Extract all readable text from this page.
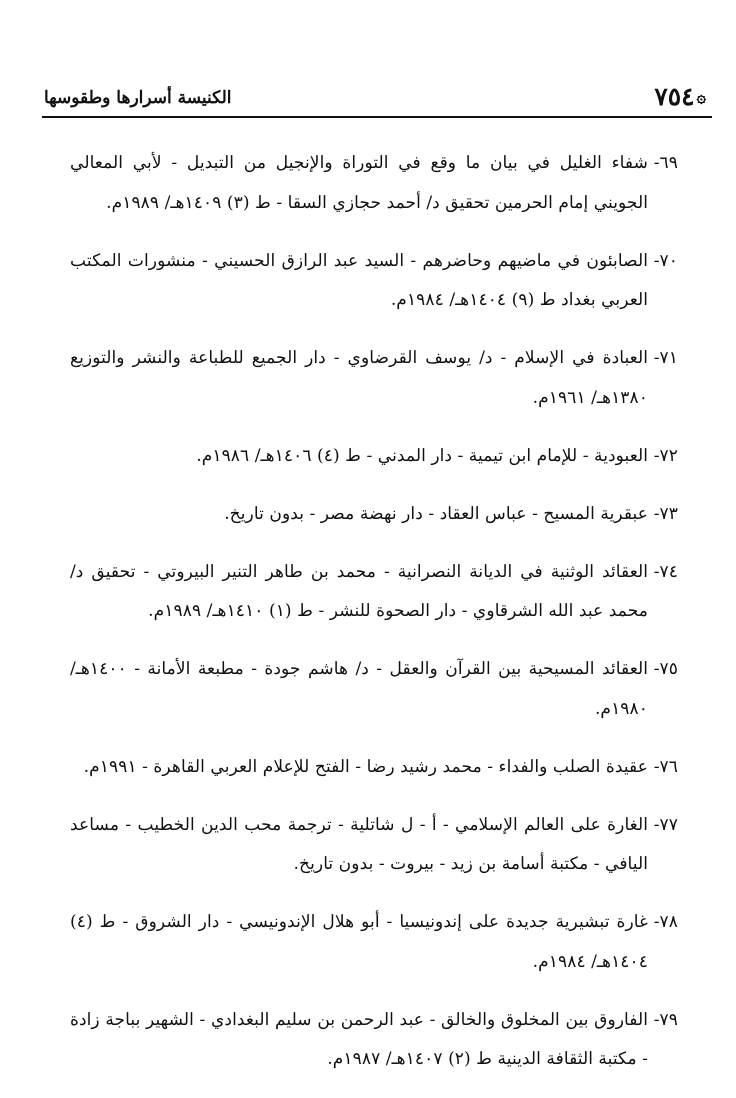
۞٧٥٤
الكنيسة أسرارها وطقوسها

٦٩-
شفاء الغليل في بيان ما وقع في التوراة والإنجيل من التبديل - لأبي المعالي الجويني إمام الحرمين تحقيق د/ أحمد حجازي السقا - ط (٣) ١٤٠٩هـ/ ١٩٨٩م.

٧٠-
الصابئون في ماضيهم وحاضرهم - السيد عبد الرازق الحسيني - منشورات المكتب العربي بغداد ط (٩) ١٤٠٤هـ/ ١٩٨٤م.

٧١-
العبادة في الإسلام - د/ يوسف القرضاوي - دار الجميع للطباعة والنشر والتوزيع ١٣٨٠هـ/ ١٩٦١م.

٧٢-
العبودية - للإمام ابن تيمية - دار المدني - ط (٤) ١٤٠٦هـ/ ١٩٨٦م.

٧٣-
عبقرية المسيح - عباس العقاد - دار نهضة مصر - بدون تاريخ.

٧٤-
العقائد الوثنية في الديانة النصرانية - محمد بن طاهر التنير البيروتي - تحقيق د/ محمد عبد الله الشرقاوي - دار الصحوة للنشر - ط (١) ١٤١٠هـ/ ١٩٨٩م.

٧٥-
العقائد المسيحية بين القرآن والعقل - د/ هاشم جودة - مطبعة الأمانة - ١٤٠٠هـ/ ١٩٨٠م.

٧٦-
عقيدة الصلب والفداء - محمد رشيد رضا - الفتح للإعلام العربي القاهرة - ١٩٩١م.

٧٧-
الغارة على العالم الإسلامي - أ - ل شاتلية - ترجمة محب الدين الخطيب - مساعد اليافي - مكتبة أسامة بن زيد - بيروت - بدون تاريخ.

٧٨-
غارة تبشيرية جديدة على إندونيسيا - أبو هلال الإندونيسي - دار الشروق - ط (٤) ١٤٠٤هـ/ ١٩٨٤م.

٧٩-
الفاروق بين المخلوق والخالق - عبد الرحمن بن سليم البغدادي - الشهير بباجة زادة - مكتبة الثقافة الدينية ط (٢) ١٤٠٧هـ/ ١٩٨٧م.
